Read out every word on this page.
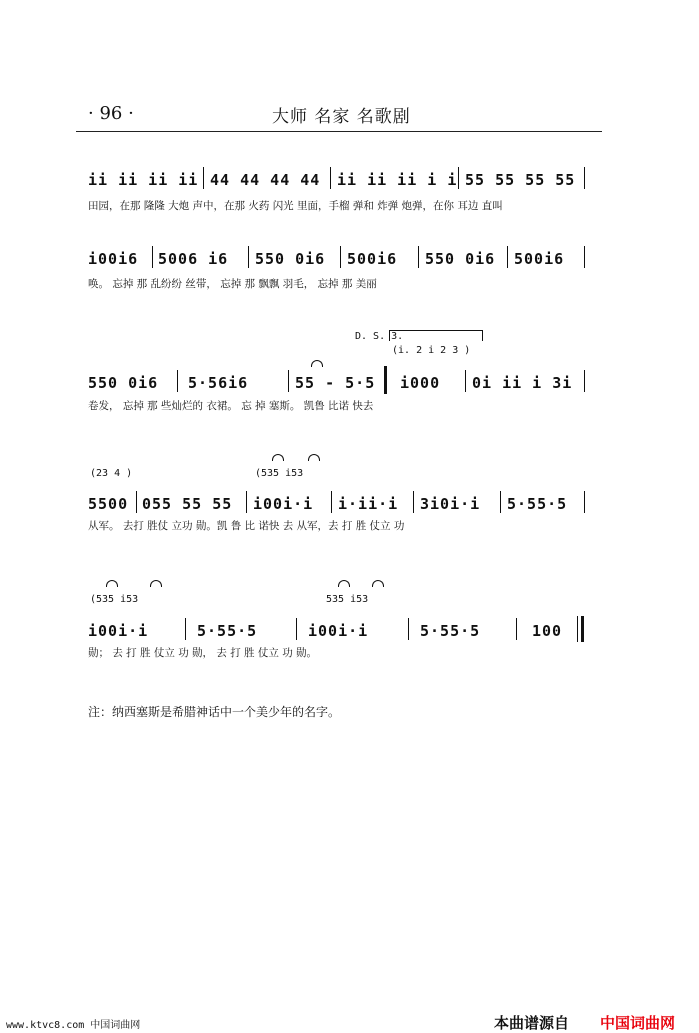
· 96 ·	大师 名家 名歌剧
ii ii ii ii 44 44 44 44 ii ii ii i i 55 55 55 55
田园，在那 隆隆 大炮 声中，在那 火药 闪光 里面，手榴 弹和 炸弹 炮弹，在你 耳边 直叫
i00i6 5006 i6 550 0i6 500i6 550 0i6 500i6
唤。 忘掉 那 乱纷纷 丝带， 忘掉 那 飘飘 羽毛， 忘掉 那 美丽
D. S. 3.
(i. 2 i 2 3 )
550 0i6 5·56i6	55 - 5·5 i000 0i ii i 3i
卷发， 忘掉 那 些灿烂的 衣裙。 忘 掉 塞斯。 凯鲁 比诺 快去
(23 4 )	(535 i53
5500 055 55 55 i00i·i i·ii·i 3i0i·i 5·55·5
从军。 去打 胜仗 立功 勋。凯 鲁 比 诺快 去 从军，去 打 胜 仗立 功
(535 i53	535 i53
i00i·i	5·55·5	i00i·i	5·55·5	100
勋； 去 打 胜 仗立 功 勋， 去 打 胜 仗立 功 勋。
注：纳西塞斯是希腊神话中一个美少年的名字。
www.ktvc8.com 中国词曲网	本曲谱源自 中国词曲网
